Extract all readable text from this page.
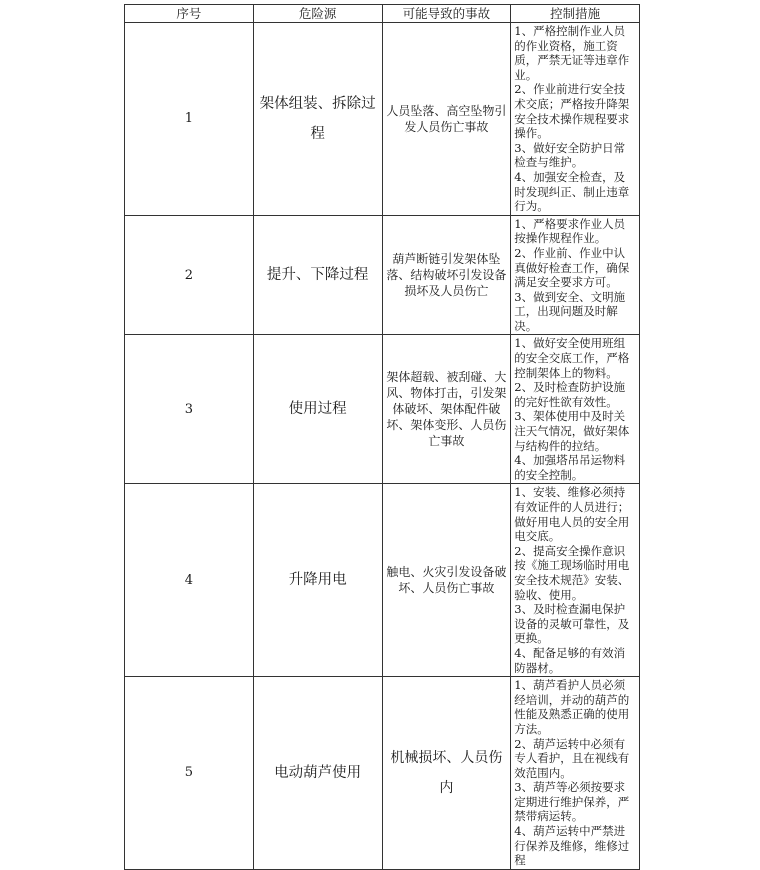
序号	危险源	可能导致的事故	控制措施
1	架体组装、拆除过程	人员坠落、高空坠物引发人员伤亡事故	1、严格控制作业人员的作业资格，施工资质，严禁无证等违章作业。
2、作业前进行安全技术交底；严格按升降架安全技术操作规程要求操作。
3、做好安全防护日常检查与维护。
4、加强安全检查，及时发现纠正、制止违章行为。

2	提升、下降过程	葫芦断链引发架体坠落、结构破坏引发设备损坏及人员伤亡	1、严格要求作业人员按操作规程作业。
2、作业前、作业中认真做好检查工作，确保满足安全要求方可。
3、做到安全、文明施工，出现问题及时解决。

3	使用过程	架体超载、被刮碰、大风、物体打击，引发架体破坏、架体配件破坏、架体变形、人员伤亡事故	1、做好安全使用班组的安全交底工作，严格控制架体上的物料。
2、及时检查防护设施的完好性欲有效性。
3、架体使用中及时关注天气情况，做好架体与结构件的拉结。
4、加强塔吊吊运物料的安全控制。

4	升降用电	触电、火灾引发设备破坏、人员伤亡事故	1、安装、维修必须持有效证件的人员进行；做好用电人员的安全用电交底。
2、提高安全操作意识按《施工现场临时用电安全技术规范》安装、验收、使用。
3、及时检查漏电保护设备的灵敏可靠性，及更换。
4、配备足够的有效消防器材。

5	电动葫芦使用	机械损坏、人员伤内	1、葫芦看护人员必须经培训，并动的葫芦的性能及熟悉正确的使用方法。
2、葫芦运转中必须有专人看护，且在视线有效范围内。
3、葫芦等必须按要求定期进行维护保养，严禁带病运转。
4、葫芦运转中严禁进行保养及维修，维修过程
